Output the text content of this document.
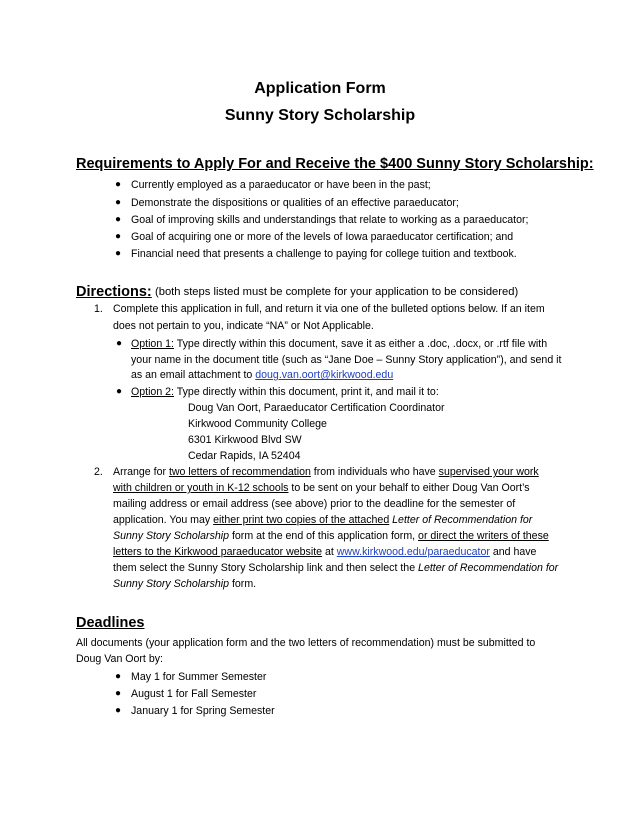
Application Form
Sunny Story Scholarship
Requirements to Apply For and Receive the $400 Sunny Story Scholarship:
● Currently employed as a paraeducator or have been in the past;
● Demonstrate the dispositions or qualities of an effective paraeducator;
● Goal of improving skills and understandings that relate to working as a paraeducator;
● Goal of acquiring one or more of the levels of Iowa paraeducator certification; and
● Financial need that presents a challenge to paying for college tuition and textbook.
Directions: (both steps listed must be complete for your application to be considered)
1. Complete this application in full, and return it via one of the bulleted options below. If an item
does not pertain to you, indicate “NA” or Not Applicable.
● Option 1: Type directly within this document, save it as either a .doc, .docx, or .rtf file with
your name in the document title (such as “Jane Doe – Sunny Story application”), and send it
as an email attachment to doug.van.oort@kirkwood.edu
● Option 2: Type directly within this document, print it, and mail it to:
Doug Van Oort, Paraeducator Certification Coordinator
Kirkwood Community College
6301 Kirkwood Blvd SW
Cedar Rapids, IA 52404
2. Arrange for two letters of recommendation from individuals who have supervised your work
with children or youth in K-12 schools to be sent on your behalf to either Doug Van Oort’s
mailing address or email address (see above) prior to the deadline for the semester of
application. You may either print two copies of the attached Letter of Recommendation for
Sunny Story Scholarship form at the end of this application form, or direct the writers of these
letters to the Kirkwood paraeducator website at www.kirkwood.edu/paraeducator and have
them select the Sunny Story Scholarship link and then select the Letter of Recommendation for
Sunny Story Scholarship form.
Deadlines
All documents (your application form and the two letters of recommendation) must be submitted to
Doug Van Oort by:
● May 1 for Summer Semester
● August 1 for Fall Semester
● January 1 for Spring Semester
